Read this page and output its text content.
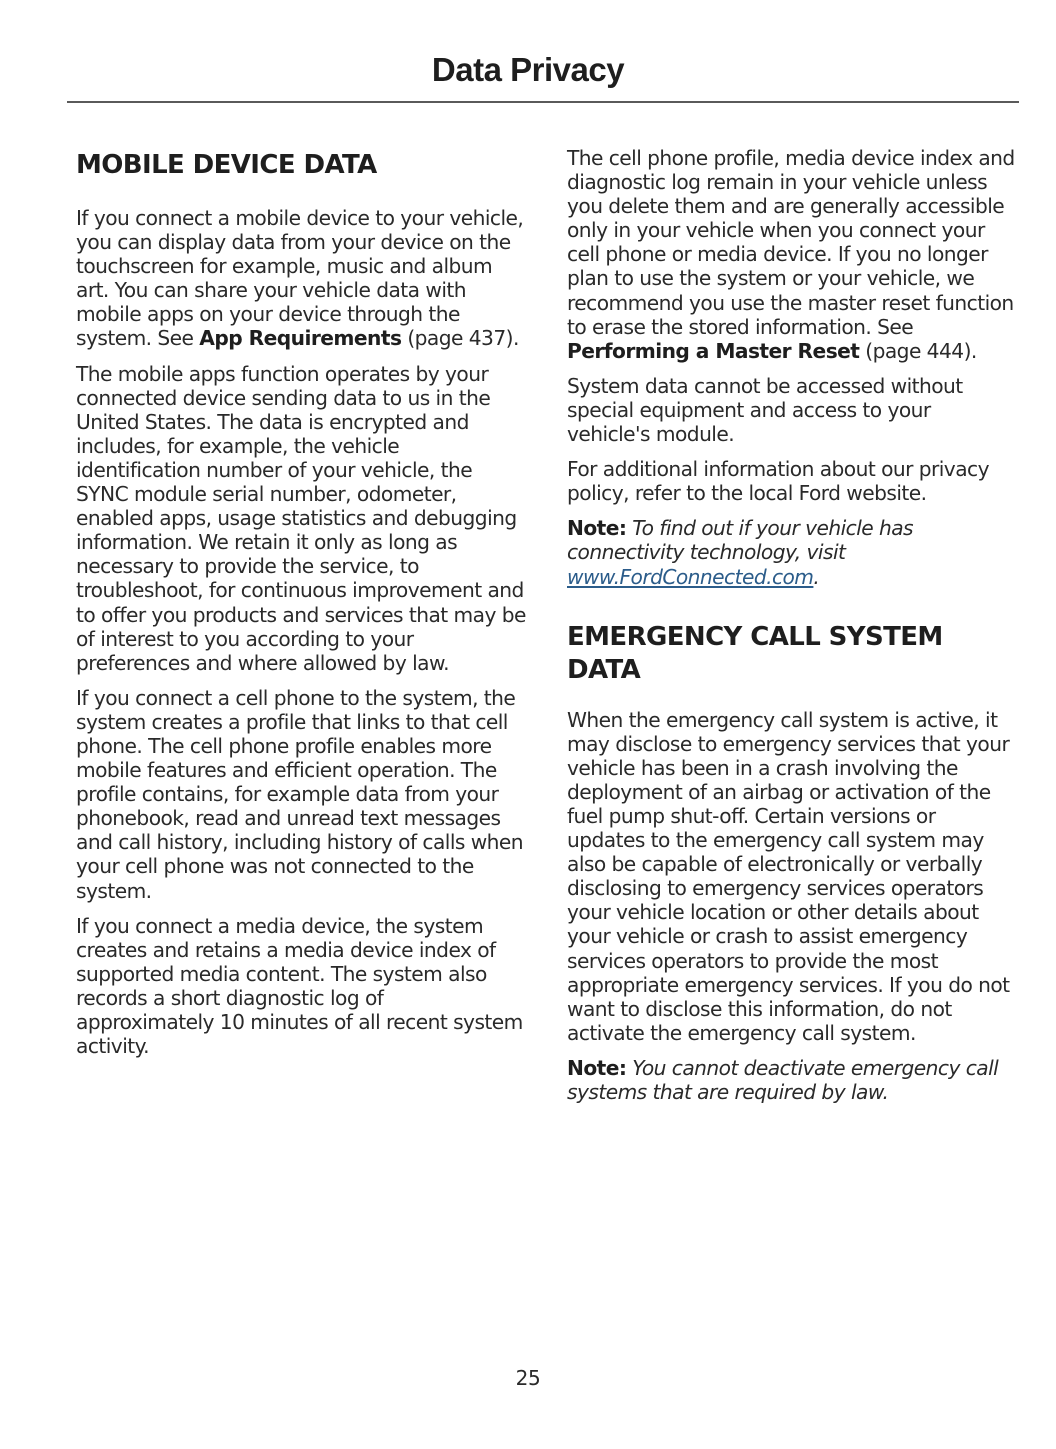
Data Privacy
MOBILE DEVICE DATA

If you connect a mobile device to your vehicle, you can display data from your device on the touchscreen for example, music and album art. You can share your vehicle data with mobile apps on your device through the system. See App Requirements (page 437).

The mobile apps function operates by your connected device sending data to us in the United States. The data is encrypted and includes, for example, the vehicle identification number of your vehicle, the SYNC module serial number, odometer, enabled apps, usage statistics and debugging information. We retain it only as long as necessary to provide the service, to troubleshoot, for continuous improvement and to offer you products and services that may be of interest to you according to your preferences and where allowed by law.

If you connect a cell phone to the system, the system creates a profile that links to that cell phone. The cell phone profile enables more mobile features and efficient operation. The profile contains, for example data from your phonebook, read and unread text messages and call history, including history of calls when your cell phone was not connected to the system.

If you connect a media device, the system creates and retains a media device index of supported media content. The system also records a short diagnostic log of approximately 10 minutes of all recent system activity.

The cell phone profile, media device index and diagnostic log remain in your vehicle unless you delete them and are generally accessible only in your vehicle when you connect your cell phone or media device. If you no longer plan to use the system or your vehicle, we recommend you use the master reset function to erase the stored information. See Performing a Master Reset (page 444).

System data cannot be accessed without special equipment and access to your vehicle's module.

For additional information about our privacy policy, refer to the local Ford website.

Note: To find out if your vehicle has connectivity technology, visit www.FordConnected.com.

EMERGENCY CALL SYSTEM DATA

When the emergency call system is active, it may disclose to emergency services that your vehicle has been in a crash involving the deployment of an airbag or activation of the fuel pump shut-off. Certain versions or updates to the emergency call system may also be capable of electronically or verbally disclosing to emergency services operators your vehicle location or other details about your vehicle or crash to assist emergency services operators to provide the most appropriate emergency services. If you do not want to disclose this information, do not activate the emergency call system.

Note: You cannot deactivate emergency call systems that are required by law.

25
